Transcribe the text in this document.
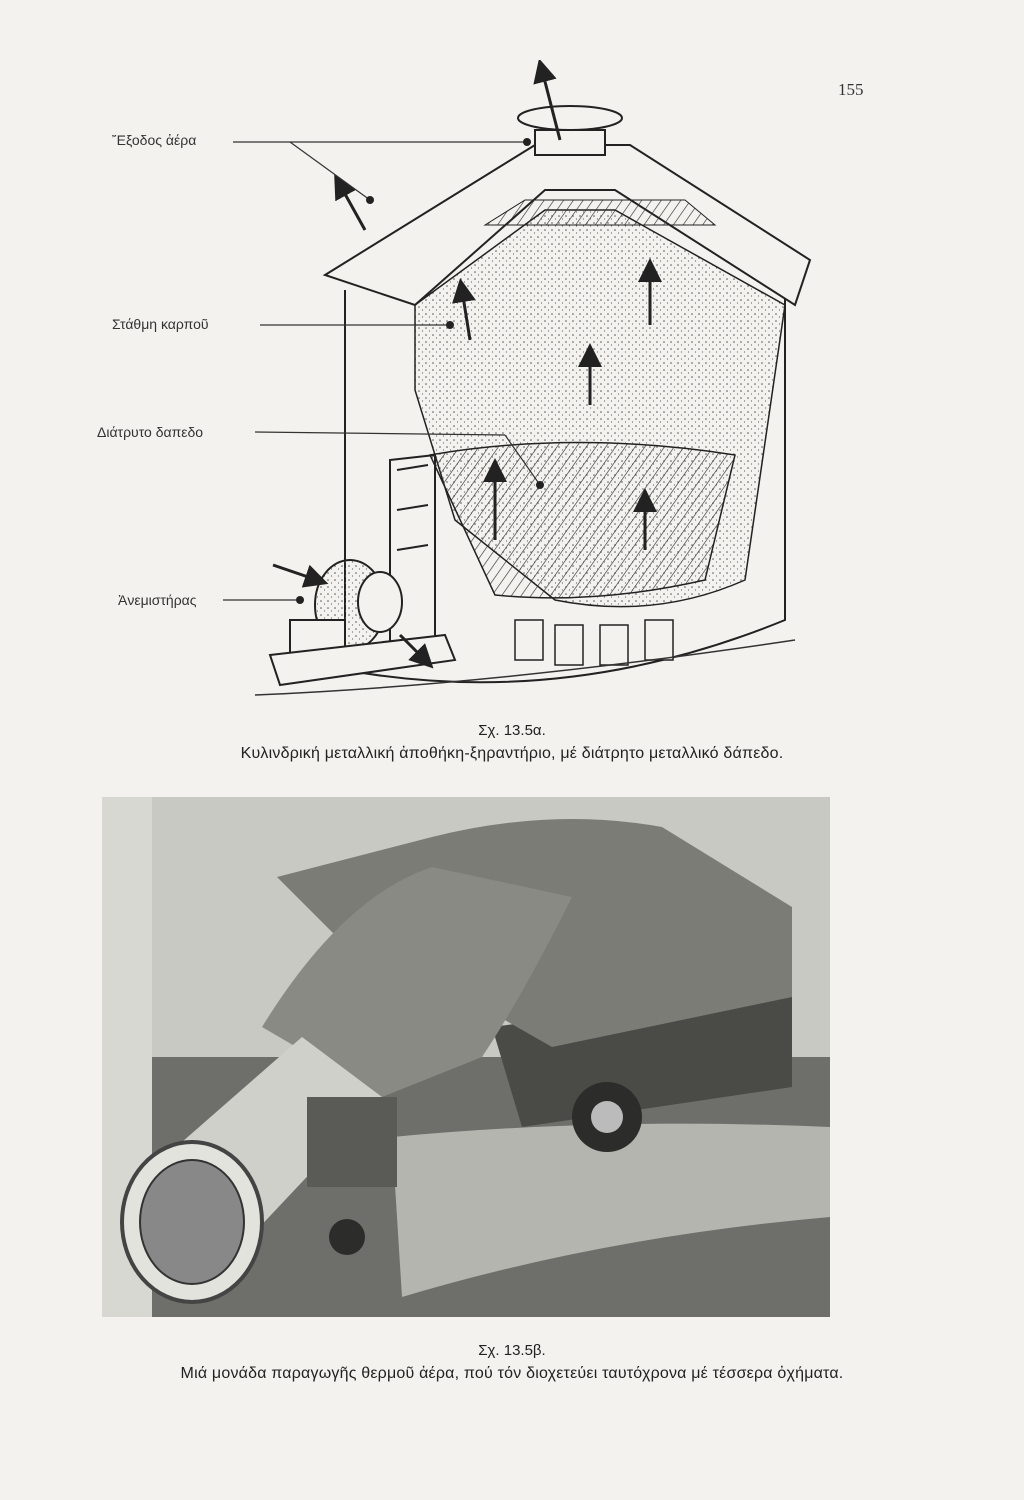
155
῎Εξοδος ἀέρα
Στάθμη καρποῦ
Διάτρυτο δαπεδο
Ἀνεμιστήρας
Σχ. 13.5α.
Κυλινδρική μεταλλική ἀποθήκη-ξηραντήριο, μέ διάτρητο μεταλλικό δάπεδο.
Σχ. 13.5β.
Μιά μονάδα παραγωγῆς θερμοῦ ἀέρα, πού τόν διοχετεύει ταυτόχρονα μέ τέσσερα ὀχήματα.
